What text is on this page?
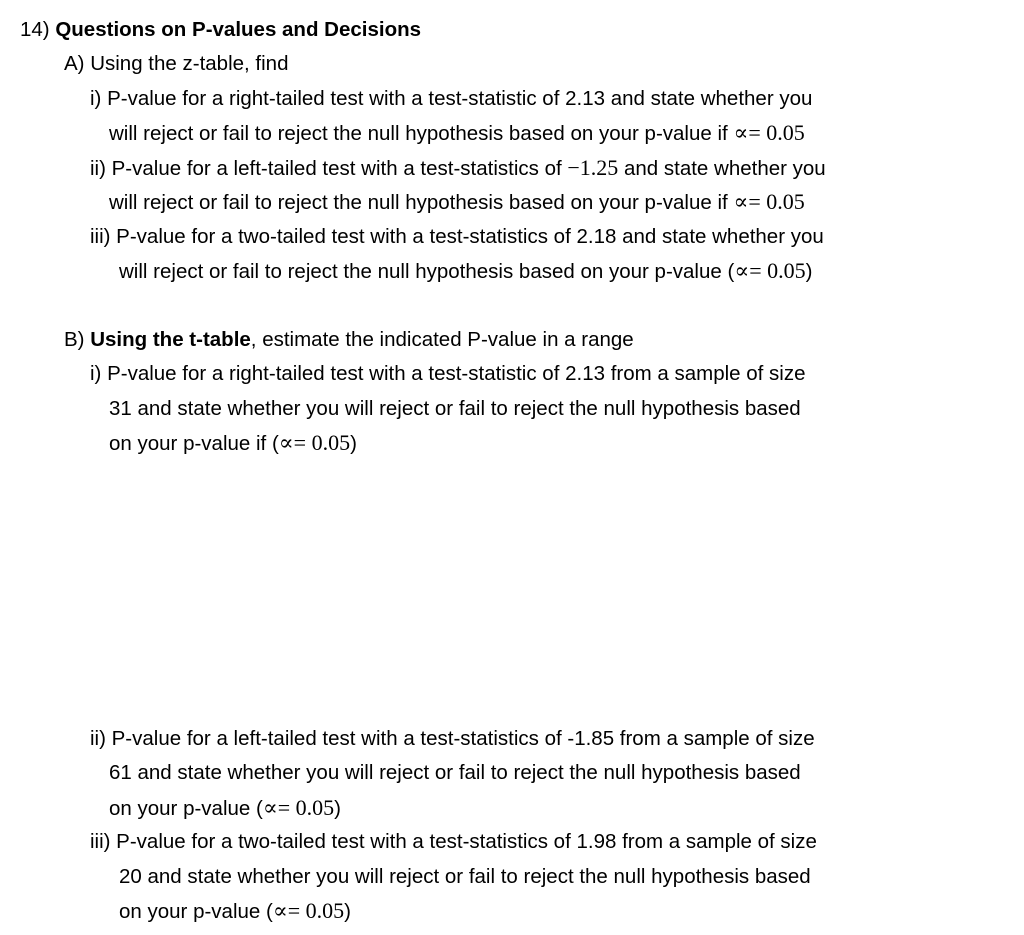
14) Questions on P-values and Decisions
A) Using the z-table, find
i) P-value for a right-tailed test with a test-statistic of 2.13 and state whether you
will reject or fail to reject the null hypothesis based on your p-value if ∝= 0.05
ii) P-value for a left-tailed test with a test-statistics of −1.25 and state whether you
will reject or fail to reject the null hypothesis based on your p-value if ∝= 0.05
iii) P-value for a two-tailed test with a test-statistics of 2.18 and state whether you
will reject or fail to reject the null hypothesis based on your p-value (∝= 0.05)
B) Using the t-table, estimate the indicated P-value in a range
i) P-value for a right-tailed test with a test-statistic of 2.13 from a sample of size
31 and state whether you will reject or fail to reject the null hypothesis based
on your p-value if (∝= 0.05)
ii) P-value for a left-tailed test with a test-statistics of -1.85 from a sample of size
61 and state whether you will reject or fail to reject the null hypothesis based
on your p-value (∝= 0.05)
iii) P-value for a two-tailed test with a test-statistics of 1.98 from a sample of size
20 and state whether you will reject or fail to reject the null hypothesis based
on your p-value (∝= 0.05)
